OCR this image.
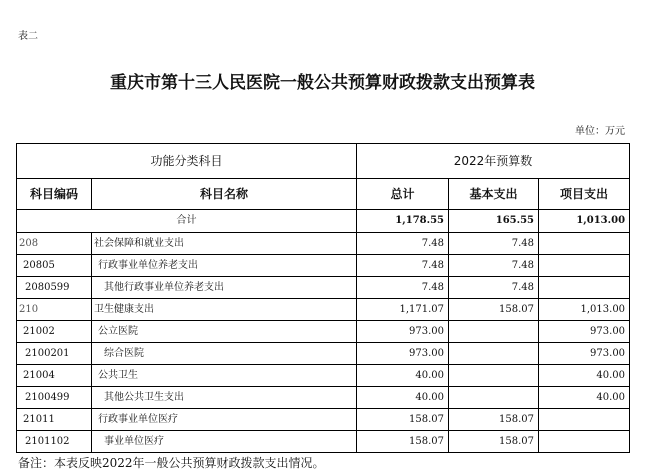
表二
重庆市第十三人民医院一般公共预算财政拨款支出预算表
单位：万元
功能分类科目		2022年预算数		
科目编码	科目名称	总计	基本支出	项目支出
合计		1,178.55	165.55	1,013.00
208	社会保障和就业支出	7.48	7.48	
20805	行政事业单位养老支出	7.48	7.48	
2080599	其他行政事业单位养老支出	7.48	7.48	
210	卫生健康支出	1,171.07	158.07	1,013.00
21002	公立医院	973.00		973.00
2100201	综合医院	973.00		973.00
21004	公共卫生	40.00		40.00
2100499	其他公共卫生支出	40.00		40.00
21011	行政事业单位医疗	158.07	158.07	
2101102	事业单位医疗	158.07	158.07	
备注：本表反映2022年一般公共预算财政拨款支出情况。
